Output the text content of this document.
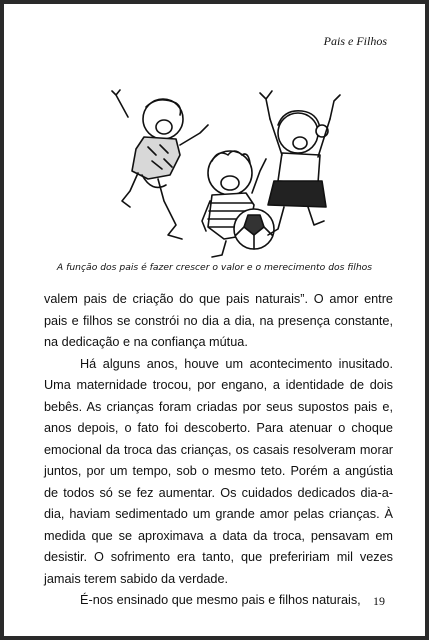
Pais e Filhos
A função dos pais é fazer crescer o valor e o merecimento dos filhos

valem pais de criação do que pais naturais”. O amor entre pais e filhos se constrói no dia a dia, na presença constante, na dedicação e na confiança mútua.

Há alguns anos, houve um acontecimento inusitado. Uma maternidade trocou, por engano, a identidade de dois bebês. As crianças foram criadas por seus supostos pais e, anos depois, o fato foi descoberto. Para atenuar o choque emocional da troca das crianças, os casais resolveram morar juntos, por um tempo, sob o mesmo teto. Porém a angústia de todos só se fez aumentar. Os cuidados dedicados dia-a-dia, haviam sedimentado um grande amor pelas crianças. À medida que se aproximava a data da troca, pensavam em desistir. O sofrimento era tanto, que prefeririam mil vezes jamais terem sabido da verdade.

É-nos ensinado que mesmo pais e filhos naturais,	19
